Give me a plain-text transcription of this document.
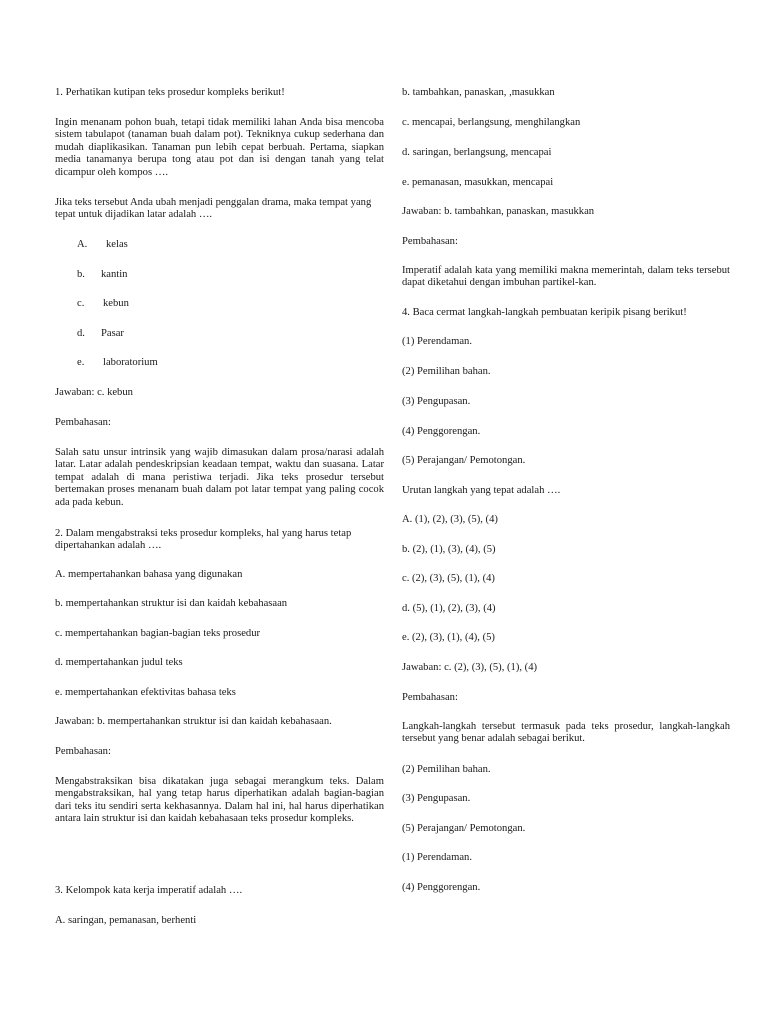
1. Perhatikan kutipan teks prosedur kompleks berikut!
Ingin menanam pohon buah, tetapi tidak memiliki lahan Anda bisa mencoba sistem tabulapot (tanaman buah dalam pot). Tekniknya cukup sederhana dan mudah diaplikasikan. Tanaman pun lebih cepat berbuah. Pertama, siapkan media tanamanya berupa tong atau pot dan isi dengan tanah yang telat dicampur oleh kompos ….
Jika teks tersebut Anda ubah menjadi penggalan drama, maka tempat yang tepat untuk dijadikan latar adalah ….
A. kelas
b. kantin
c. kebun
d. Pasar
e. laboratorium
Jawaban: c. kebun
Pembahasan:
Salah satu unsur intrinsik yang wajib dimasukan dalam prosa/narasi adalah latar. Latar adalah pendeskripsian keadaan tempat, waktu dan suasana. Latar tempat adalah di mana peristiwa terjadi. Jika teks prosedur tersebut bertemakan proses menanam buah dalam pot latar tempat yang paling cocok ada pada kebun.
2. Dalam mengabstraksi teks prosedur kompleks, hal yang harus tetap dipertahankan adalah ….
A. mempertahankan bahasa yang digunakan
b. mempertahankan struktur isi dan kaidah kebahasaan
c. mempertahankan bagian-bagian teks prosedur
d. mempertahankan judul teks
e. mempertahankan efektivitas bahasa teks
Jawaban: b. mempertahankan struktur isi dan kaidah kebahasaan.
Pembahasan:
Mengabstraksikan bisa dikatakan juga sebagai merangkum teks. Dalam mengabstraksikan, hal yang tetap harus diperhatikan adalah bagian-bagian dari teks itu sendiri serta kekhasannya. Dalam hal ini, hal harus diperhatikan antara lain struktur isi dan kaidah kebahasaan teks prosedur kompleks.
3. Kelompok kata kerja imperatif adalah ….
A. saringan, pemanasan, berhenti
b. tambahkan, panaskan, ,masukkan
c. mencapai, berlangsung, menghilangkan
d. saringan, berlangsung, mencapai
e. pemanasan, masukkan, mencapai
Jawaban: b. tambahkan, panaskan, masukkan
Pembahasan:
Imperatif adalah kata yang memiliki makna memerintah, dalam teks tersebut dapat diketahui dengan imbuhan partikel-kan.
4. Baca cermat langkah-langkah pembuatan keripik pisang berikut!
(1) Perendaman.
(2) Pemilihan bahan.
(3) Pengupasan.
(4) Penggorengan.
(5) Perajangan/ Pemotongan.
Urutan langkah yang tepat adalah ….
A. (1), (2), (3), (5), (4)
b. (2), (1), (3), (4), (5)
c. (2), (3), (5), (1), (4)
d. (5), (1), (2), (3), (4)
e. (2), (3), (1), (4), (5)
Jawaban: c. (2), (3), (5), (1), (4)
Pembahasan:
Langkah-langkah tersebut termasuk pada teks prosedur, langkah-langkah tersebut yang benar adalah sebagai berikut.
(2) Pemilihan bahan.
(3) Pengupasan.
(5) Perajangan/ Pemotongan.
(1) Perendaman.
(4) Penggorengan.
